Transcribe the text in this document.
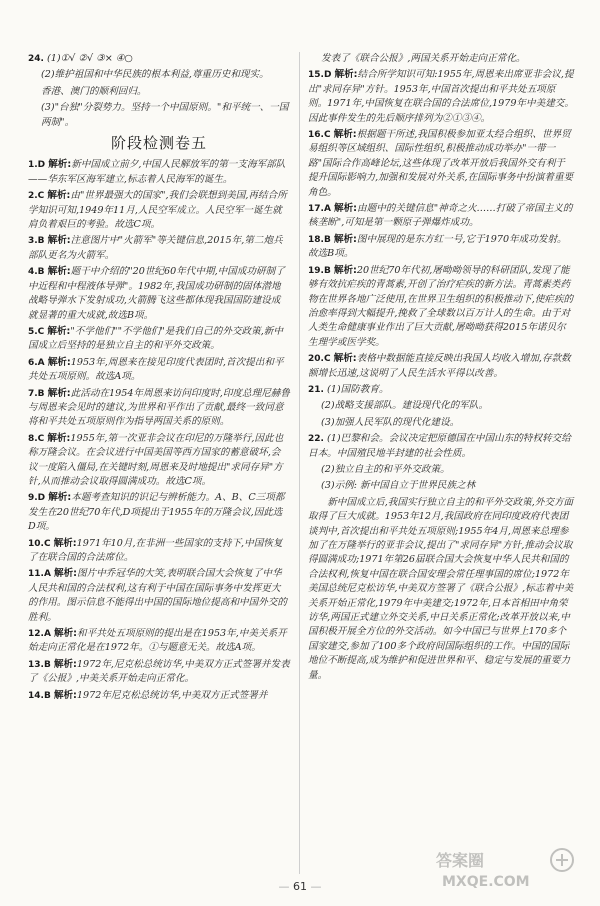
24. (1)①√ ②√ ③× ④○

(2)维护祖国和中华民族的根本利益,尊重历史和现实。

香港、澳门的顺利回归。

(3)"台独"分裂势力。坚持一个中国原则。"和平统一、一国两制"。

阶段检测卷五

1.D 解析:新中国成立前夕,中国人民解放军的第一支海军部队——华东军区海军建立,标志着人民海军的诞生。

2.C 解析:由"世界最强大的国家",我们会联想到美国,再结合所学知识可知,1949年11月,人民空军成立。人民空军一诞生就肩负着艰巨的考验。故选C项。

3.B 解析:注意图片中"火箭军"等关键信息,2015年,第二炮兵部队更名为火箭军。

4.B 解析:题干中介绍的"20世纪60年代中期,中国成功研制了中近程和中程液体导弹"。1982年,我国成功研制的固体潜地战略导弹水下发射成功,火箭腾飞这些都体现我国国防建设成就显著的重大成就,故选B项。

5.C 解析:"不学他们""不学他们"是我们自己的外交政策,新中国成立后坚持的是独立自主的和平外交政策。

6.A 解析:1953年,周恩来在接见印度代表团时,首次提出和平共处五项原则。故选A项。

7.B 解析:此活动在1954年周恩来访问印度时,印度总理尼赫鲁与周恩来会见时的建议,为世界和平作出了贡献,最终一致同意将和平共处五项原则作为指导两国关系的原则。

8.C 解析:1955年,第一次亚非会议在印尼的万隆举行,因此也称万隆会议。在会议进行中国美国等西方国家的蓄意破坏,会议一度陷入僵局,在关键时刻,周恩来及时地提出"求同存异"方针,从而推动会议取得圆满成功。故选C项。

9.D 解析:本题考查知识的识记与辨析能力。A、B、C三项都发生在20世纪70年代,D项提出于1955年的万隆会议,因此选D项。

10.C 解析:1971年10月,在非洲一些国家的支持下,中国恢复了在联合国的合法席位。

11.A 解析:图片中乔冠华的大笑,表明联合国大会恢复了中华人民共和国的合法权利,这有利于中国在国际事务中发挥更大的作用。图示信息不能得出中国的国际地位提高和中国外交的胜利。

12.A 解析:和平共处五项原则的提出是在1953年,中美关系开始走向正常化是在1972年。①与题意无关。故选A项。

13.B 解析:1972年,尼克松总统访华,中美双方正式签署并发表了《公报》,中美关系开始走向正常化。

14.B 解析:1972年尼克松总统访华,中美双方正式签署并

发表了《联合公报》,两国关系开始走向正常化。

15.D 解析:结合所学知识可知:1955年,周恩来出席亚非会议,提出"求同存异"方针。1953年,中国首次提出和平共处五项原则。1971年,中国恢复在联合国的合法席位,1979年中美建交。因此事件发生的先后顺序排列为②①③④。

16.C 解析:根据题干所述,我国积极参加亚太经合组织、世界贸易组织等区域组织、国际性组织,积极推动成功举办"一带一路"国际合作高峰论坛,这些体现了改革开放后我国外交有利于提升国际影响力,加强和发展对外关系,在国际事务中扮演着重要角色。

17.A 解析:由题中的关键信息"神奇之火……打破了帝国主义的核垄断",可知是第一颗原子弹爆炸成功。

18.B 解析:图中展现的是东方红一号,它于1970年成功发射。故选B项。

19.B 解析:20世纪70年代初,屠呦呦领导的科研团队,发现了能够有效抗疟疾的青蒿素,开创了治疗疟疾的新方法。青蒿素类药物在世界各地广泛使用,在世界卫生组织的积极推动下,使疟疾的治愈率得到大幅提升,挽救了全球数以百万计人的生命。由于对人类生命健康事业作出了巨大贡献,屠呦呦获得2015年诺贝尔生理学或医学奖。

20.C 解析:表格中数据能直接反映出我国人均收入增加,存款数额增长迅速,这说明了人民生活水平得以改善。

21. (1)国防教育。

(2)战略支援部队。建设现代化的军队。

(3)加强人民军队的现代化建设。

22. (1)巴黎和会。会议决定把原德国在中国山东的特权转交给日本。中国殖民地半封建的社会性质。

(2)独立自主的和平外交政策。

(3)示例: 新中国自立于世界民族之林

新中国成立后,我国实行独立自主的和平外交政策,外交方面取得了巨大成就。1953年12月,我国政府在同印度政府代表团谈判中,首次提出和平共处五项原则;1955年4月,周恩来总理参加了在万隆举行的亚非会议,提出了"求同存异"方针,推动会议取得圆满成功;1971年第26届联合国大会恢复中华人民共和国的合法权利,恢复中国在联合国安理会常任理事国的席位;1972年美国总统尼克松访华,中美双方签署了《联合公报》,标志着中美关系开始正常化,1979年中美建交;1972年,日本首相田中角荣访华,两国正式建立外交关系,中日关系正常化;改革开放以来,中国积极开展全方位的外交活动。如今中国已与世界上170多个国家建交,参加了100多个政府间国际组织的工作。中国的国际地位不断提高,成为维护和促进世界和平、稳定与发展的重要力量。

— 61 —
答案圈
MXQE.COM
